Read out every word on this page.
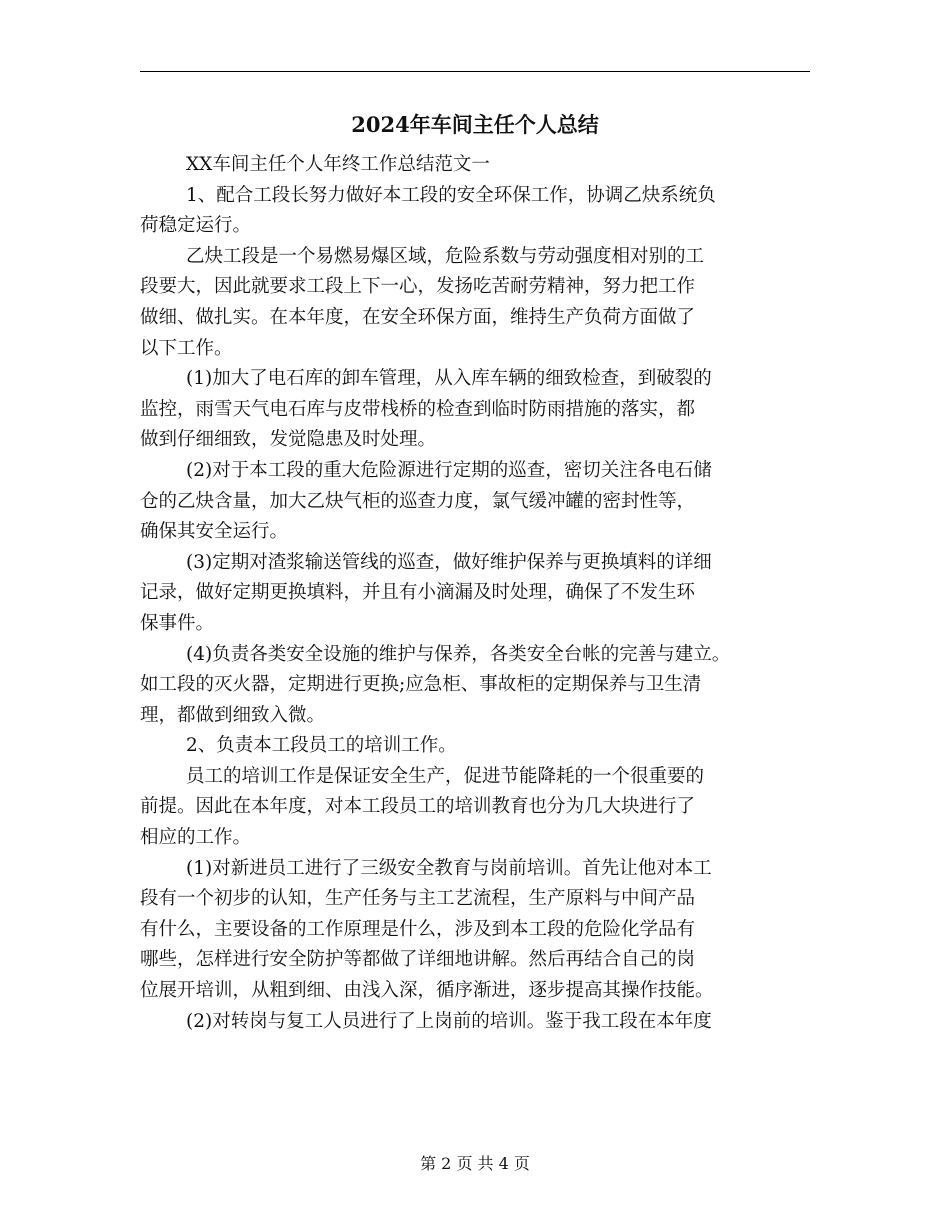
2024年车间主任个人总结
XX车间主任个人年终工作总结范文一
1、配合工段长努力做好本工段的安全环保工作，协调乙炔系统负
荷稳定运行。
乙炔工段是一个易燃易爆区域，危险系数与劳动强度相对别的工
段要大，因此就要求工段上下一心，发扬吃苦耐劳精神，努力把工作
做细、做扎实。在本年度，在安全环保方面，维持生产负荷方面做了
以下工作。
(1)加大了电石库的卸车管理，从入库车辆的细致检查，到破裂的
监控，雨雪天气电石库与皮带栈桥的检查到临时防雨措施的落实，都
做到仔细细致，发觉隐患及时处理。
(2)对于本工段的重大危险源进行定期的巡查，密切关注各电石储
仓的乙炔含量，加大乙炔气柜的巡查力度，氯气缓冲罐的密封性等，
确保其安全运行。
(3)定期对渣浆输送管线的巡查，做好维护保养与更换填料的详细
记录，做好定期更换填料，并且有小滴漏及时处理，确保了不发生环
保事件。
(4)负责各类安全设施的维护与保养，各类安全台帐的完善与建立。
如工段的灭火器，定期进行更换;应急柜、事故柜的定期保养与卫生清
理，都做到细致入微。
2、负责本工段员工的培训工作。
员工的培训工作是保证安全生产，促进节能降耗的一个很重要的
前提。因此在本年度，对本工段员工的培训教育也分为几大块进行了
相应的工作。
(1)对新进员工进行了三级安全教育与岗前培训。首先让他对本工
段有一个初步的认知，生产任务与主工艺流程，生产原料与中间产品
有什么，主要设备的工作原理是什么，涉及到本工段的危险化学品有
哪些，怎样进行安全防护等都做了详细地讲解。然后再结合自己的岗
位展开培训，从粗到细、由浅入深，循序渐进，逐步提高其操作技能。
(2)对转岗与复工人员进行了上岗前的培训。鉴于我工段在本年度
第 2 页 共 4 页
